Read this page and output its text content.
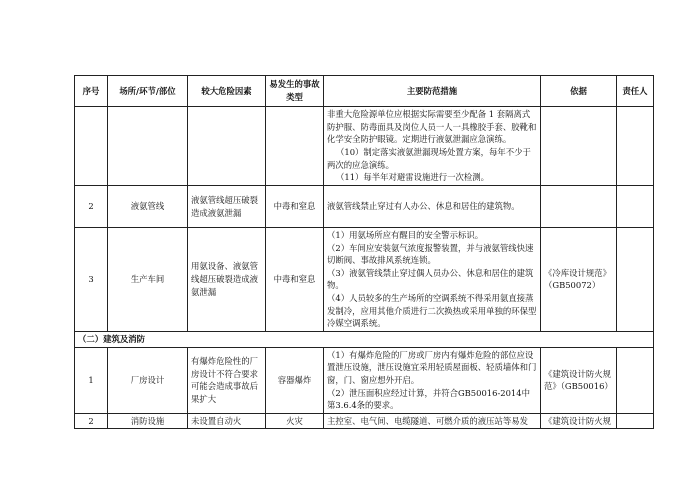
序号	场所/环节/部位	较大危险因素	易发生的事故类型	主要防范措施	依据	责任人

				非重大危险源单位应根据实际需要至少配备 1 套隔离式防护服、防毒面具及岗位人员一人一具橡胶手套、胶靴和化学安全防护眼镜。定期进行液氨泄漏应急演练。
（10）制定落实液氨泄漏现场处置方案，每年不少于两次的应急演练。
（11）每半年对避雷设施进行一次检测。		

2	液氨管线	液氨管线超压破裂造成液氨泄漏	中毒和窒息	液氨管线禁止穿过有人办公、休息和居住的建筑物。		

3	生产车间	用氨设备、液氨管线超压破裂造成液氨泄漏	中毒和窒息	（1）用氨场所应有醒目的安全警示标识。
（2）车间应安装氨气浓度报警装置，并与液氨管线快速切断阀、事故排风系统连锁。
（3）液氨管线禁止穿过偶人员办公、休息和居住的建筑物。
（4）人员较多的生产场所的空调系统不得采用氨直接蒸发制冷，应用其他介质进行二次换热或采用单独的环保型冷媒空调系统。	《冷库设计规范》（GB50072）	
（二）建筑及消防						
1	厂房设计	有爆炸危险性的厂房设计不符合要求可能会造成事故后果扩大	容器爆炸	（1）有爆炸危险的厂房或厂房内有爆炸危险的部位应设置泄压设施，泄压设施宜采用轻质屋面板、轻质墙体和门窗，门、窗应想外开启。
（2）泄压面积应经过计算，并符合GB50016-2014中第3.6.4条的要求。	《建筑设计防火规范》（GB50016）	
2	消防设施	未设置自动火	火灾	主控室、电气间、电缆隧道、可燃介质的液压站等易发	《建筑设计防火规	
